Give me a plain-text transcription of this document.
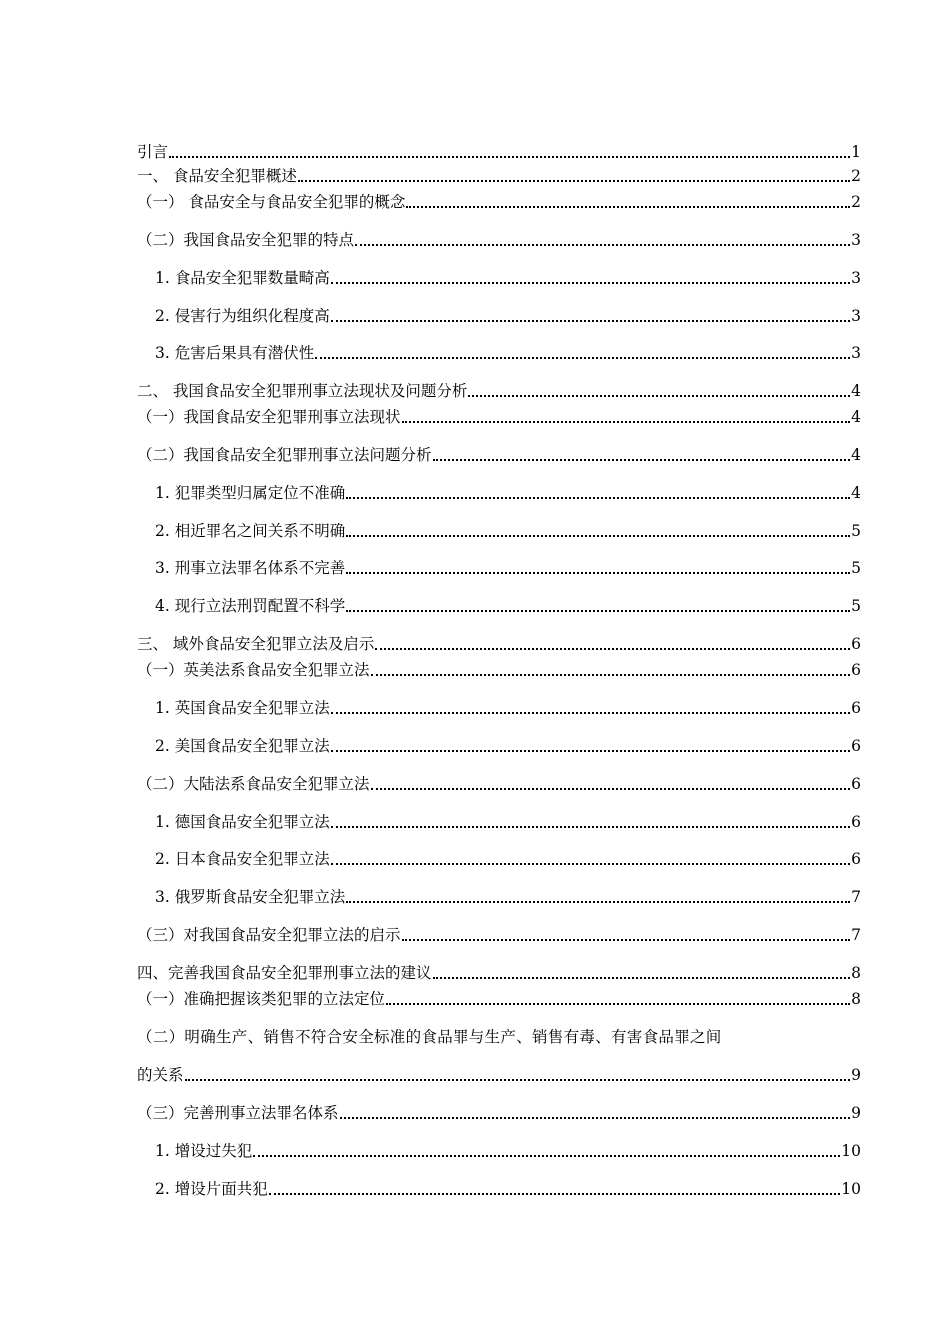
引言	1
一、 食品安全犯罪概述	2
（一） 食品安全与食品安全犯罪的概念	2
（二）我国食品安全犯罪的特点	3
1. 食品安全犯罪数量畸高	3
2. 侵害行为组织化程度高	3
3. 危害后果具有潜伏性	3
二、 我国食品安全犯罪刑事立法现状及问题分析	4
（一）我国食品安全犯罪刑事立法现状	4
（二）我国食品安全犯罪刑事立法问题分析	4
1. 犯罪类型归属定位不准确	4
2. 相近罪名之间关系不明确	5
3. 刑事立法罪名体系不完善	5
4. 现行立法刑罚配置不科学	5
三、 域外食品安全犯罪立法及启示	6
（一）英美法系食品安全犯罪立法	6
1. 英国食品安全犯罪立法	6
2. 美国食品安全犯罪立法	6
（二）大陆法系食品安全犯罪立法	6
1. 德国食品安全犯罪立法	6
2. 日本食品安全犯罪立法	6
3. 俄罗斯食品安全犯罪立法	7
（三）对我国食品安全犯罪立法的启示	7
四、完善我国食品安全犯罪刑事立法的建议	8
（一）准确把握该类犯罪的立法定位	8
（二）明确生产、销售不符合安全标准的食品罪与生产、销售有毒、有害食品罪之间
的关系	9
（三）完善刑事立法罪名体系	9
1. 增设过失犯	10
2. 增设片面共犯	10
